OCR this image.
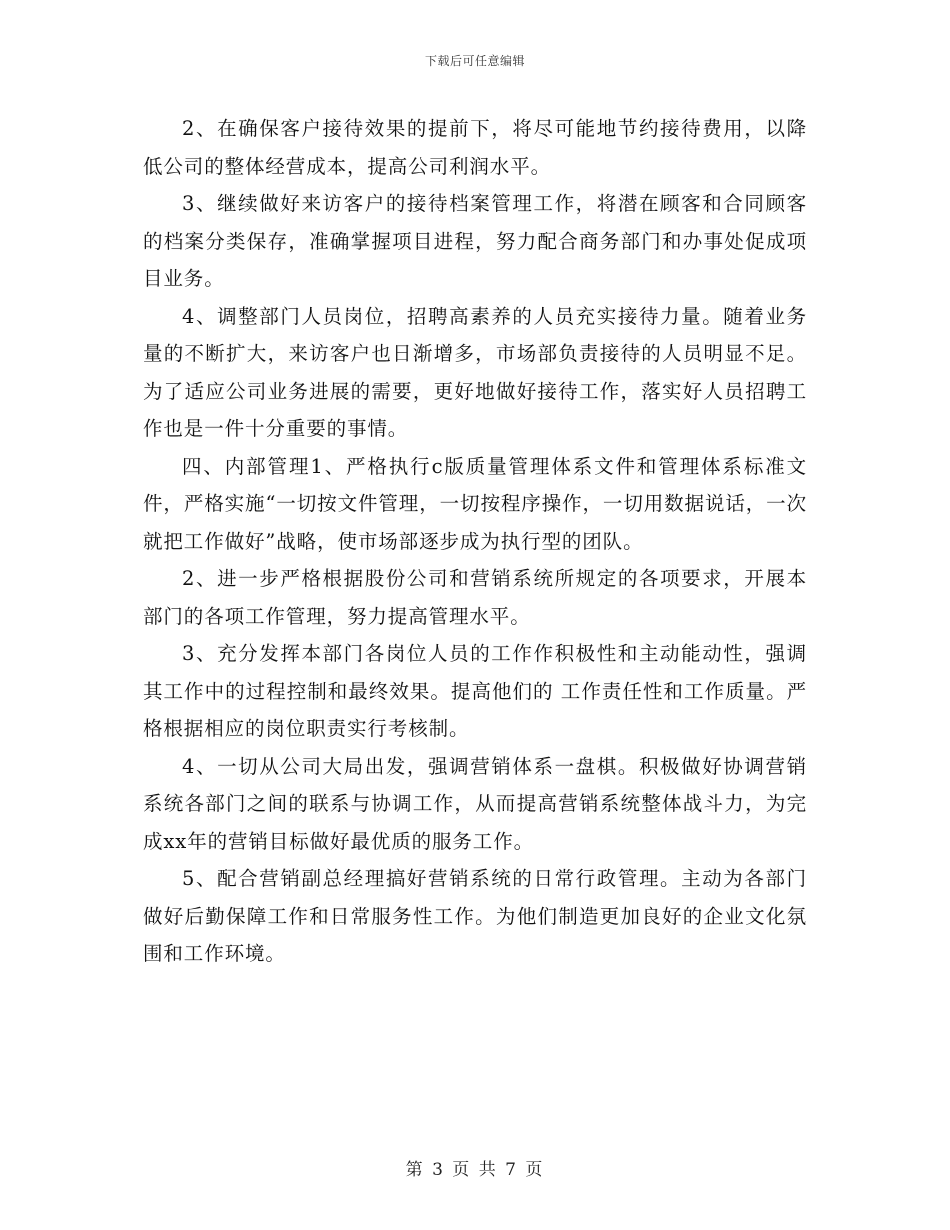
下载后可任意编辑

2、在确保客户接待效果的提前下，将尽可能地节约接待费用，以降低公司的整体经营成本，提高公司利润水平。

3、继续做好来访客户的接待档案管理工作，将潜在顾客和合同顾客的档案分类保存，准确掌握项目进程，努力配合商务部门和办事处促成项目业务。

4、调整部门人员岗位，招聘高素养的人员充实接待力量。随着业务量的不断扩大，来访客户也日渐增多，市场部负责接待的人员明显不足。为了适应公司业务进展的需要，更好地做好接待工作，落实好人员招聘工作也是一件十分重要的事情。

四、内部管理1、严格执行c版质量管理体系文件和管理体系标准文件，严格实施“一切按文件管理，一切按程序操作，一切用数据说话，一次就把工作做好”战略，使市场部逐步成为执行型的团队。

2、进一步严格根据股份公司和营销系统所规定的各项要求，开展本部门的各项工作管理，努力提高管理水平。

3、充分发挥本部门各岗位人员的工作作积极性和主动能动性，强调其工作中的过程控制和最终效果。提高他们的 工作责任性和工作质量。严格根据相应的岗位职责实行考核制。

4、一切从公司大局出发，强调营销体系一盘棋。积极做好协调营销系统各部门之间的联系与协调工作，从而提高营销系统整体战斗力，为完成xx年的营销目标做好最优质的服务工作。

5、配合营销副总经理搞好营销系统的日常行政管理。主动为各部门做好后勤保障工作和日常服务性工作。为他们制造更加良好的企业文化氛围和工作环境。

第 3 页 共 7 页
